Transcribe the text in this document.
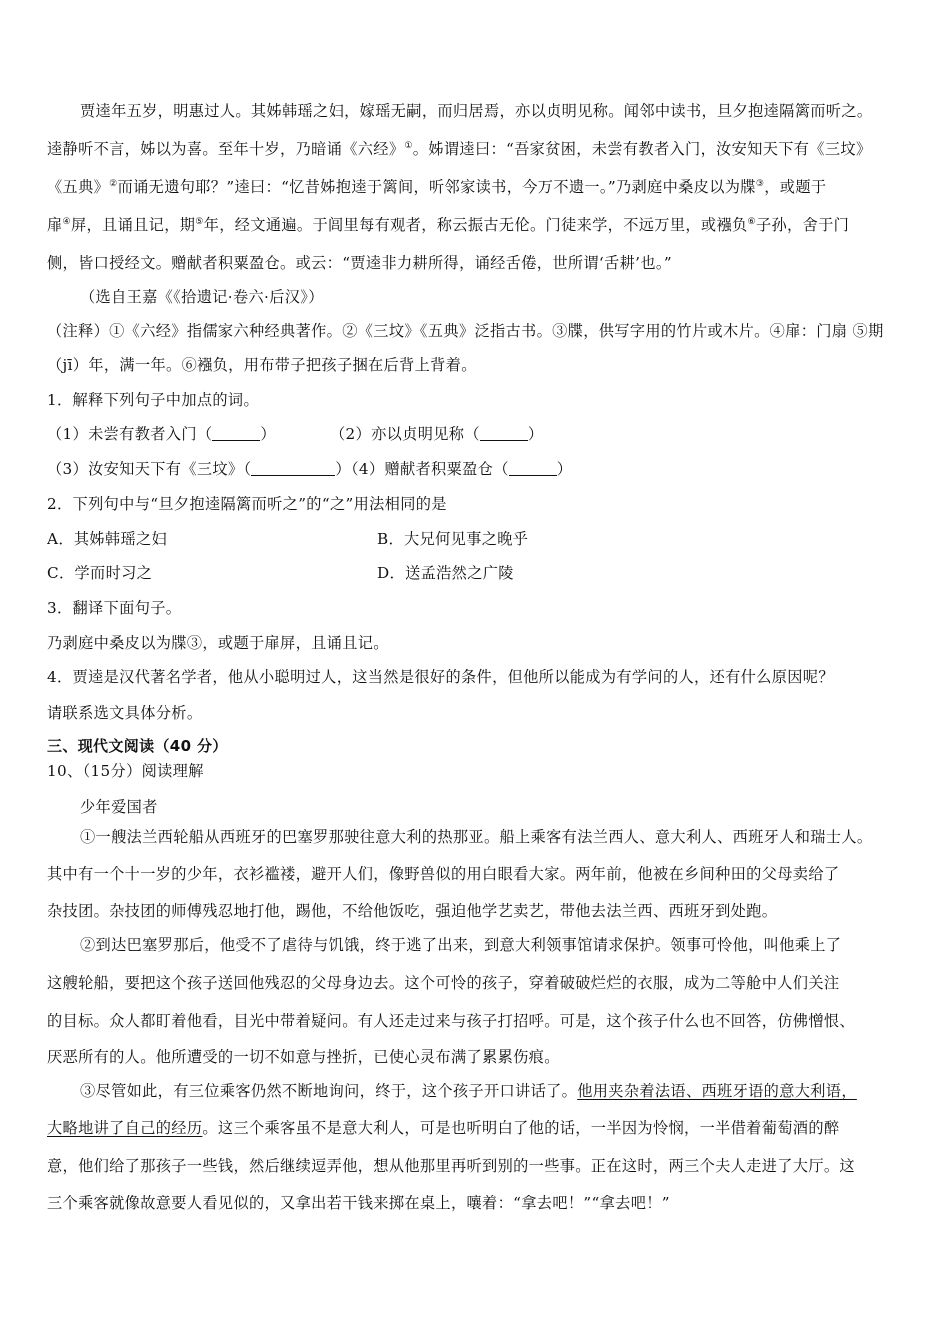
贾逵年五岁，明惠过人。其姊韩瑶之妇，嫁瑶无嗣，而归居焉，亦以贞明见称。闻邻中读书，旦夕抱逵隔篱而听之。
逵静听不言，姊以为喜。至年十岁，乃暗诵《六经》①。姊谓逵曰：“吾家贫困，未尝有教者入门，汝安知天下有《三坟》
《五典》②而诵无遗句耶？”逵曰：“忆昔姊抱逵于篱间，听邻家读书，今万不遗一。”乃剥庭中桑皮以为牒③，或题于
扉④屏，且诵且记，期⑤年，经文通遍。于闾里每有观者，称云振古无伦。门徒来学，不远万里，或襁负⑥子孙，舍于门
侧，皆口授经文。赠献者积粟盈仓。或云：“贾逵非力耕所得，诵经舌倦，世所谓‘舌耕’也。”
（选自王嘉《《拾遗记·卷六·后汉》）
（注释）①《六经》指儒家六种经典著作。②《三坟》《五典》泛指古书。③牒，供写字用的竹片或木片。④扉：门扇 ⑤期
（jī）年，满一年。⑥襁负，用布带子把孩子捆在后背上背着。
1．解释下列句子中加点的词。
（1）未尝有教者入门（	）	（2）亦以贞明见称（	）
（3）汝安知天下有《三坟》（	）（4）赠献者积粟盈仓（	）
2．下列句中与“旦夕抱逵隔篱而听之”的“之”用法相同的是
A．其姊韩瑶之妇	B．大兄何见事之晚乎
C．学而时习之	D．送孟浩然之广陵
3．翻译下面句子。
乃剥庭中桑皮以为牒③，或题于扉屏，且诵且记。
4．贾逵是汉代著名学者，他从小聪明过人，这当然是很好的条件，但他所以能成为有学问的人，还有什么原因呢？
请联系选文具体分析。
三、现代文阅读（40 分）
10、（15分）阅读理解
少年爱国者
①一艘法兰西轮船从西班牙的巴塞罗那驶往意大利的热那亚。船上乘客有法兰西人、意大利人、西班牙人和瑞士人。
其中有一个十一岁的少年，衣衫褴褛，避开人们，像野兽似的用白眼看大家。两年前，他被在乡间种田的父母卖给了
杂技团。杂技团的师傅残忍地打他，踢他，不给他饭吃，强迫他学艺卖艺，带他去法兰西、西班牙到处跑。
②到达巴塞罗那后，他受不了虐待与饥饿，终于逃了出来，到意大利领事馆请求保护。领事可怜他，叫他乘上了
这艘轮船，要把这个孩子送回他残忍的父母身边去。这个可怜的孩子，穿着破破烂烂的衣服，成为二等舱中人们关注
的目标。众人都盯着他看，目光中带着疑问。有人还走过来与孩子打招呼。可是，这个孩子什么也不回答，仿佛憎恨、
厌恶所有的人。他所遭受的一切不如意与挫折，已使心灵布满了累累伤痕。
③尽管如此，有三位乘客仍然不断地询问，终于，这个孩子开口讲话了。他用夹杂着法语、西班牙语的意大利语，
大略地讲了自己的经历。这三个乘客虽不是意大利人，可是也听明白了他的话，一半因为怜悯，一半借着葡萄酒的醉
意，他们给了那孩子一些钱，然后继续逗弄他，想从他那里再听到别的一些事。正在这时，两三个夫人走进了大厅。这
三个乘客就像故意要人看见似的，又拿出若干钱来掷在桌上，嚷着：“拿去吧！”“拿去吧！”
